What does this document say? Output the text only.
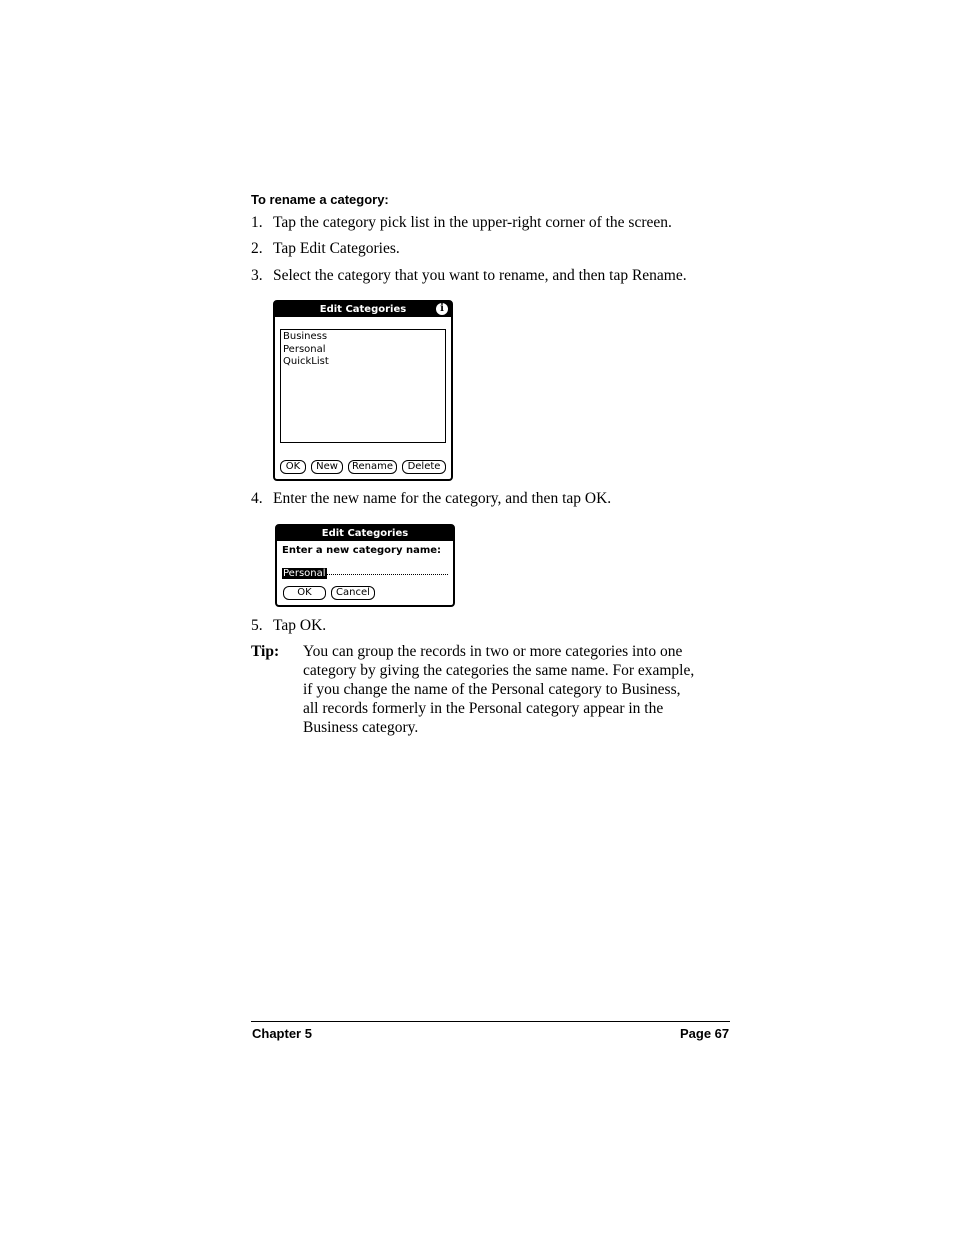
To rename a category:
1. Tap the category pick list in the upper-right corner of the screen.
2. Tap Edit Categories.
3. Select the category that you want to rename, and then tap Rename.
Edit Categories	i
Business
Personal
QuickList
OK	New	Rename	Delete
4. Enter the new name for the category, and then tap OK.
Edit Categories
Enter a new category name:
Personal
OK	Cancel
5. Tap OK.
Tip: You can group the records in two or more categories into one
category by giving the categories the same name. For example,
if you change the name of the Personal category to Business,
all records formerly in the Personal category appear in the
Business category.
Chapter 5	Page 67
